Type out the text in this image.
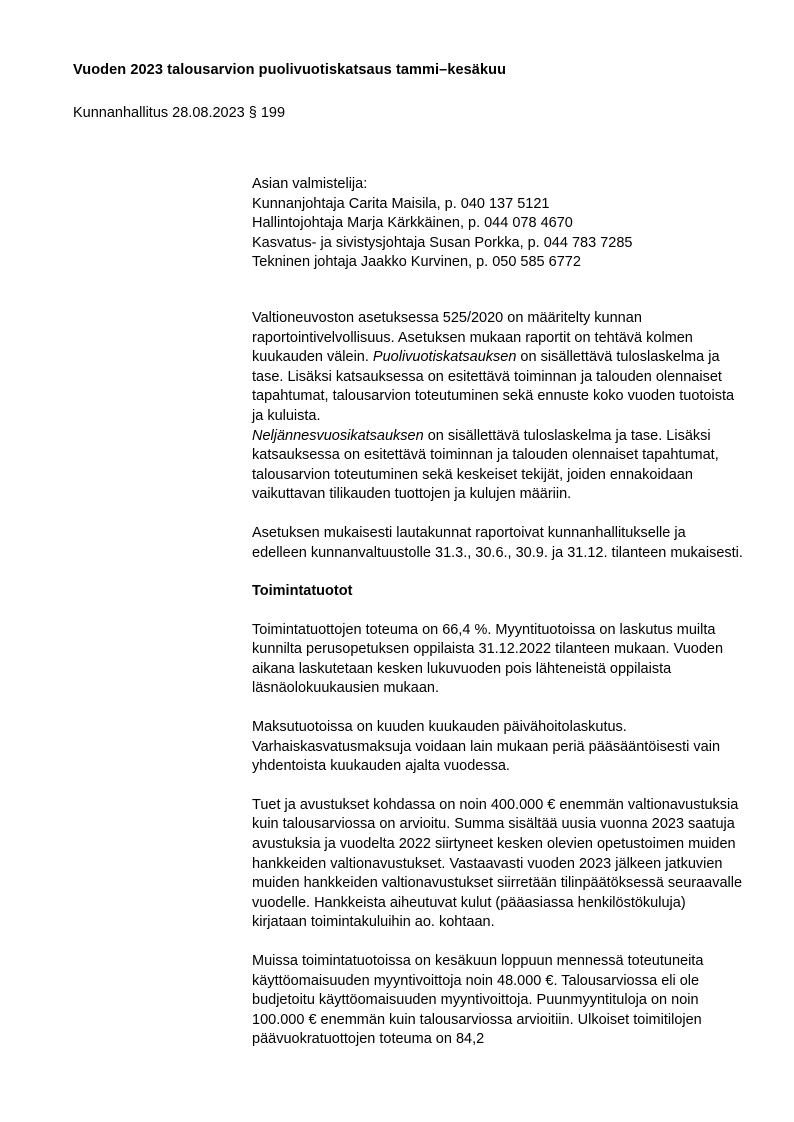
Vuoden 2023 talousarvion puolivuotiskatsaus tammi–kesäkuu
Kunnanhallitus 28.08.2023 § 199

Asian valmistelija:

Kunnanjohtaja Carita Maisila, p. 040 137 5121

Hallintojohtaja Marja Kärkkäinen, p. 044 078 4670

Kasvatus- ja sivistysjohtaja Susan Porkka, p. 044 783 7285

Tekninen johtaja Jaakko Kurvinen, p. 050 585 6772

Valtioneuvoston asetuksessa 525/2020 on määritelty kunnan raportointivelvollisuus. Asetuksen mukaan raportit on tehtävä kolmen kuukauden välein. Puolivuotiskatsauksen on sisällettävä tuloslaskelma ja tase. Lisäksi katsauksessa on esitettävä toiminnan ja talouden olennaiset tapahtumat, talousarvion toteutuminen sekä ennuste koko vuoden tuotoista ja kuluista.

Neljännesvuosikatsauksen on sisällettävä tuloslaskelma ja tase. Lisäksi katsauksessa on esitettävä toiminnan ja talouden olennaiset tapahtumat, talousarvion toteutuminen sekä keskeiset tekijät, joiden ennakoidaan vaikuttavan tilikauden tuottojen ja kulujen määriin.

Asetuksen mukaisesti lautakunnat raportoivat kunnanhallitukselle ja edelleen kunnanvaltuustolle 31.3., 30.6., 30.9. ja 31.12. tilanteen mukaisesti.

Toimintatuotot

Toimintatuottojen toteuma on 66,4 %. Myyntituotoissa on laskutus muilta kunnilta perusopetuksen oppilaista 31.12.2022 tilanteen mukaan. Vuoden aikana laskutetaan kesken lukuvuoden pois lähteneistä oppilaista läsnäolokuukausien mukaan.

Maksutuotoissa on kuuden kuukauden päivähoitolaskutus. Varhaiskasvatusmaksuja voidaan lain mukaan periä pääsääntöisesti vain yhdentoista kuukauden ajalta vuodessa.

Tuet ja avustukset kohdassa on noin 400.000 € enemmän valtionavustuksia kuin talousarviossa on arvioitu. Summa sisältää uusia vuonna 2023 saatuja avustuksia ja vuodelta 2022 siirtyneet kesken olevien opetustoimen muiden hankkeiden valtionavustukset. Vastaavasti vuoden 2023 jälkeen jatkuvien muiden hankkeiden valtionavustukset siirretään tilinpäätöksessä seuraavalle vuodelle. Hankkeista aiheutuvat kulut (pääasiassa henkilöstökuluja) kirjataan toimintakuluihin ao. kohtaan.

Muissa toimintatuotoissa on kesäkuun loppuun mennessä toteutuneita käyttöomaisuuden myyntivoittoja noin 48.000 €. Talousarviossa eli ole budjetoitu käyttöomaisuuden myyntivoittoja. Puunmyyntituloja on noin 100.000 € enemmän kuin talousarviossa arvioitiin. Ulkoiset toimitilojen päävuokratuottojen toteuma on 84,2
